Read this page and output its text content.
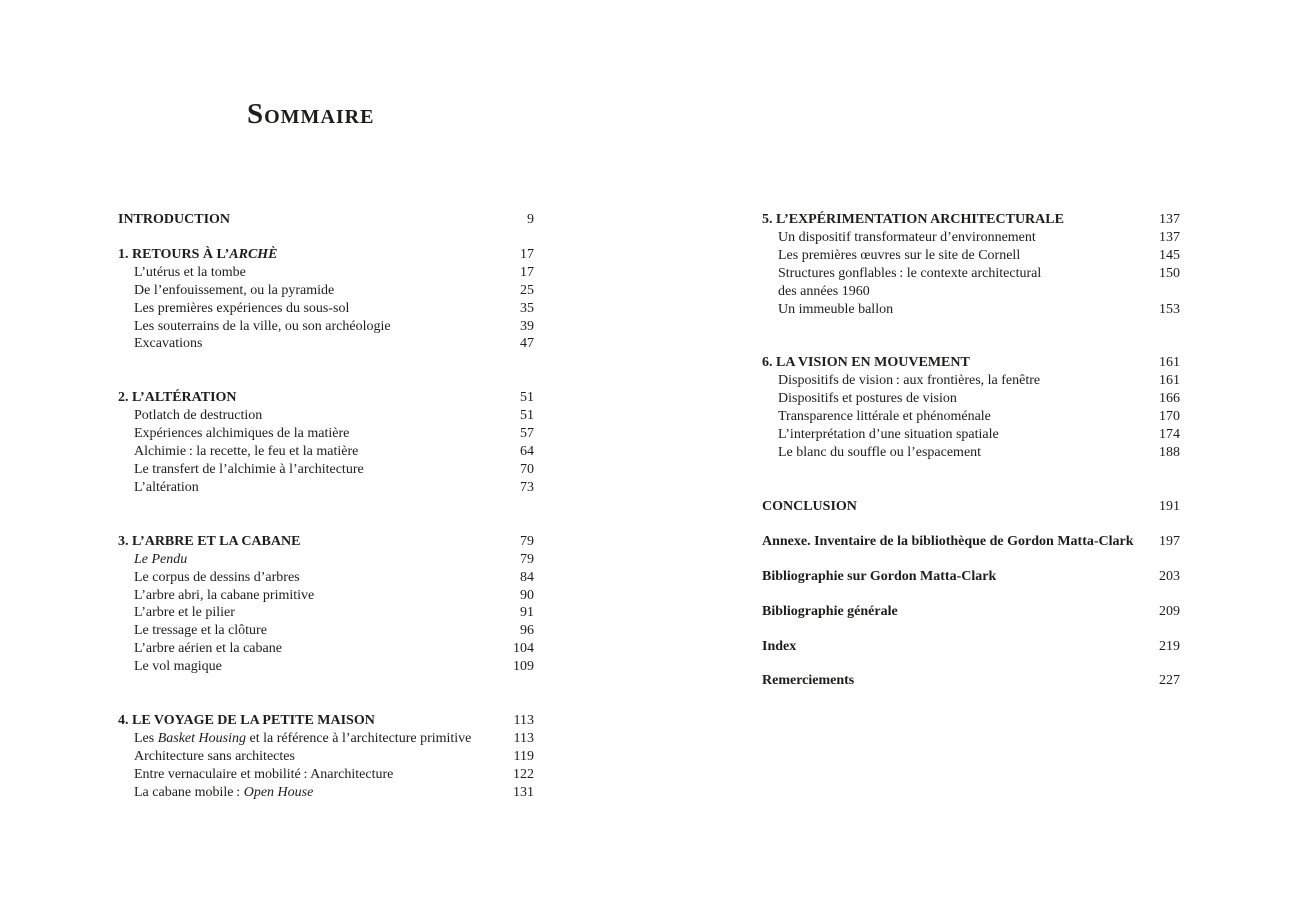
Sommaire
INTRODUCTION	9
1. RETOURS À L’ARCHÈ	17
L’utérus et la tombe	17
De l’enfouissement, ou la pyramide	25
Les premières expériences du sous-sol	35
Les souterrains de la ville, ou son archéologie	39
Excavations	47
2. L’ALTÉRATION	51
Potlatch de destruction	51
Expériences alchimiques de la matière	57
Alchimie : la recette, le feu et la matière	64
Le transfert de l’alchimie à l’architecture	70
L’altération	73
3. L’ARBRE ET LA CABANE	79
Le Pendu	79
Le corpus de dessins d’arbres	84
L’arbre abri, la cabane primitive	90
L’arbre et le pilier	91
Le tressage et la clôture	96
L’arbre aérien et la cabane	104
Le vol magique	109
4. LE VOYAGE DE LA PETITE MAISON	113
Les Basket Housing et la référence à l’architecture primitive	113
Architecture sans architectes	119
Entre vernaculaire et mobilité : Anarchitecture	122
La cabane mobile : Open House	131
5. L’EXPÉRIMENTATION ARCHITECTURALE	137
Un dispositif transformateur d’environnement	137
Les premières œuvres sur le site de Cornell	145
Structures gonflables : le contexte architectural	150
des années 1960
Un immeuble ballon	153
6. LA VISION EN MOUVEMENT	161
Dispositifs de vision : aux frontières, la fenêtre	161
Dispositifs et postures de vision	166
Transparence littérale et phénoménale	170
L’interprétation d’une situation spatiale	174
Le blanc du souffle ou l’espacement	188
CONCLUSION	191
Annexe. Inventaire de la bibliothèque de Gordon Matta-Clark 197
Bibliographie sur Gordon Matta-Clark	203
Bibliographie générale	209
Index	219
Remerciements	227
